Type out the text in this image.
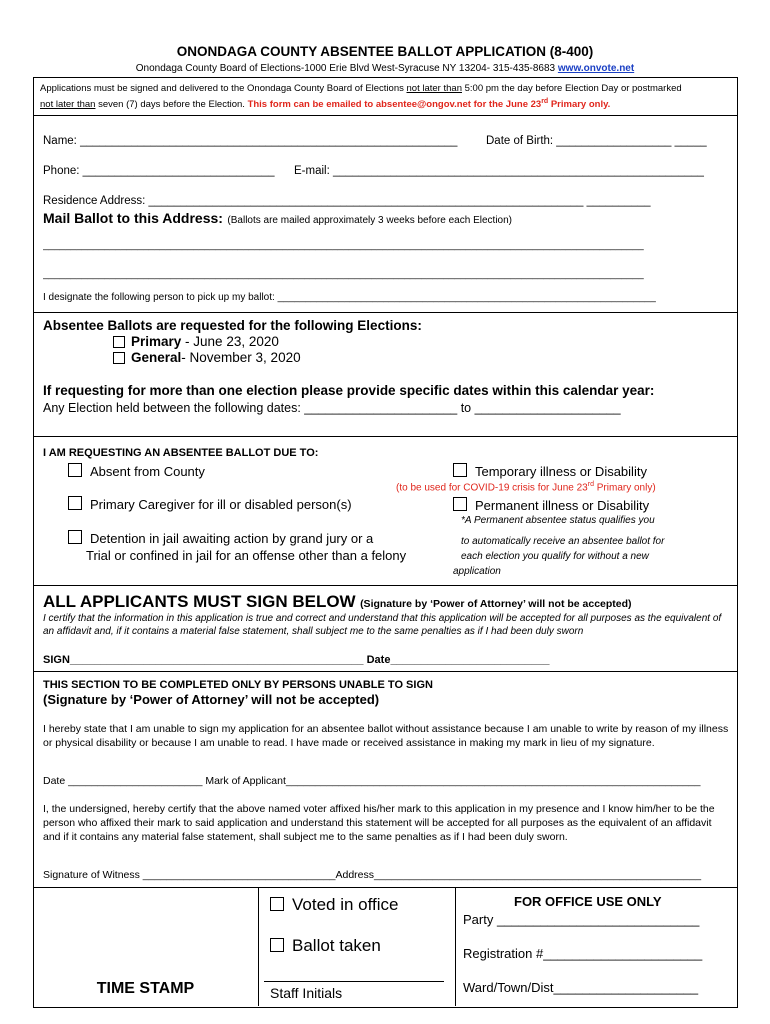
ONONDAGA COUNTY ABSENTEE BALLOT APPLICATION (8-400)
Onondaga County Board of Elections-1000 Erie Blvd West-Syracuse NY 13204- 315-435-8683 www.onvote.net
Applications must be signed and delivered to the Onondaga County Board of Elections not later than 5:00 pm the day before Election Day or postmarked
not later than seven (7) days before the Election. This form can be emailed to absentee@ongov.net for the June 23rd Primary only.
Name: ___________________________________________________________ Date of Birth: __________________ _____
Phone: ______________________________ E-mail: __________________________________________________________
Residence Address: ____________________________________________________________________ __________
Mail Ballot to this Address: (Ballots are mailed approximately 3 weeks before each Election)
____________________________________________________________________________________________________________
____________________________________________________________________________________________________________
I designate the following person to pick up my ballot: ____________________________________________________________________
Absentee Ballots are requested for the following Elections:
Primary - June 23, 2020
General- November 3, 2020
If requesting for more than one election please provide specific dates within this calendar year:
Any Election held between the following dates: ______________________ to _____________________
I AM REQUESTING AN ABSENTEE BALLOT DUE TO:
Absent from County
Primary Caregiver for ill or disabled person(s)
Detention in jail awaiting action by grand jury or a
Trial or confined in jail for an offense other than a felony
Temporary illness or Disability
(to be used for COVID-19 crisis for June 23rd Primary only)
Permanent illness or Disability
*A Permanent absentee status qualifies you
to automatically receive an absentee ballot for
each election you qualify for without a new
application
ALL APPLICANTS MUST SIGN BELOW (Signature by ‘Power of Attorney’ will not be accepted)
I certify that the information in this application is true and correct and understand that this application will be accepted for all purposes as the equivalent of an affidavit and, if it contains a material false statement, shall subject me to the same penalties as if I had been duly sworn
SIGN________________________________________________ Date__________________________
THIS SECTION TO BE COMPLETED ONLY BY PERSONS UNABLE TO SIGN
(Signature by ‘Power of Attorney’ will not be accepted)
I hereby state that I am unable to sign my application for an absentee ballot without assistance because I am unable to write by reason of my illness or physical disability or because I am unable to read. I have made or received assistance in making my mark in lieu of my signature.
Date _______________________ Mark of Applicant_______________________________________________________________________
I, the undersigned, hereby certify that the above named voter affixed his/her mark to this application in my presence and I know him/her to be the person who affixed their mark to said application and understand this statement will be accepted for all purposes as the equivalent of an affidavit and if it contains any material false statement, shall subject me to the same penalties as if I had been duly sworn.
Signature of Witness _________________________________Address________________________________________________________
TIME STAMP
Voted in office
Ballot taken
Staff Initials
FOR OFFICE USE ONLY
Party ____________________________
Registration #______________________
Ward/Town/Dist____________________
